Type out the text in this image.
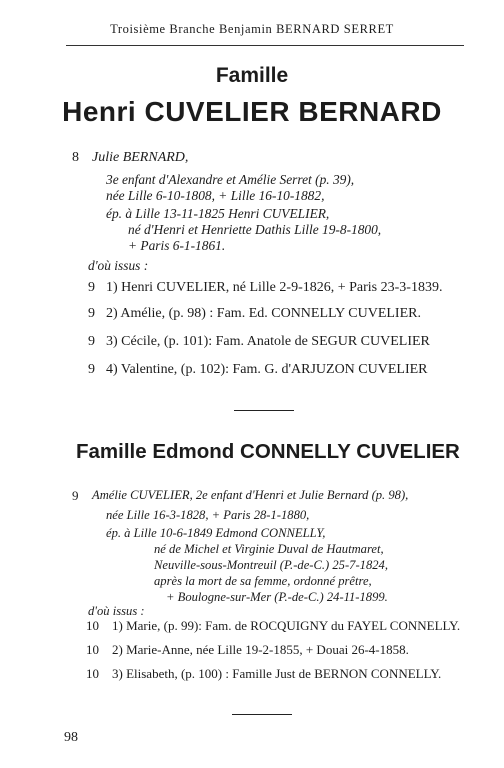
Troisième Branche Benjamin BERNARD SERRET
Famille
Henri CUVELIER BERNARD
8 Julie BERNARD,
3e enfant d'Alexandre et Amélie Serret (p. 39),
née Lille 6-10-1808, + Lille 16-10-1882,
ép. à Lille 13-11-1825 Henri CUVELIER,
né d'Henri et Henriette Dathis Lille 19-8-1800,
+ Paris 6-1-1861.
d'où issus :
9 1) Henri CUVELIER, né Lille 2-9-1826, + Paris 23-3-1839.
9 2) Amélie, (p. 98) : Fam. Ed. CONNELLY CUVELIER.
9 3) Cécile, (p. 101): Fam. Anatole de SEGUR CUVELIER
9 4) Valentine, (p. 102): Fam. G. d'ARJUZON CUVELIER
Famille Edmond CONNELLY CUVELIER
9 Amélie CUVELIER, 2e enfant d'Henri et Julie Bernard (p. 98),
née Lille 16-3-1828, + Paris 28-1-1880,
ép. à Lille 10-6-1849 Edmond CONNELLY,
né de Michel et Virginie Duval de Hautmaret,
Neuville-sous-Montreuil (P.-de-C.) 25-7-1824,
après la mort de sa femme, ordonné prêtre,
+ Boulogne-sur-Mer (P.-de-C.) 24-11-1899.
d'où issus :
10 1) Marie, (p. 99): Fam. de ROCQUIGNY du FAYEL CONNELLY.
10 2) Marie-Anne, née Lille 19-2-1855, + Douai 26-4-1858.
10 3) Elisabeth, (p. 100) : Famille Just de BERNON CONNELLY.
98
